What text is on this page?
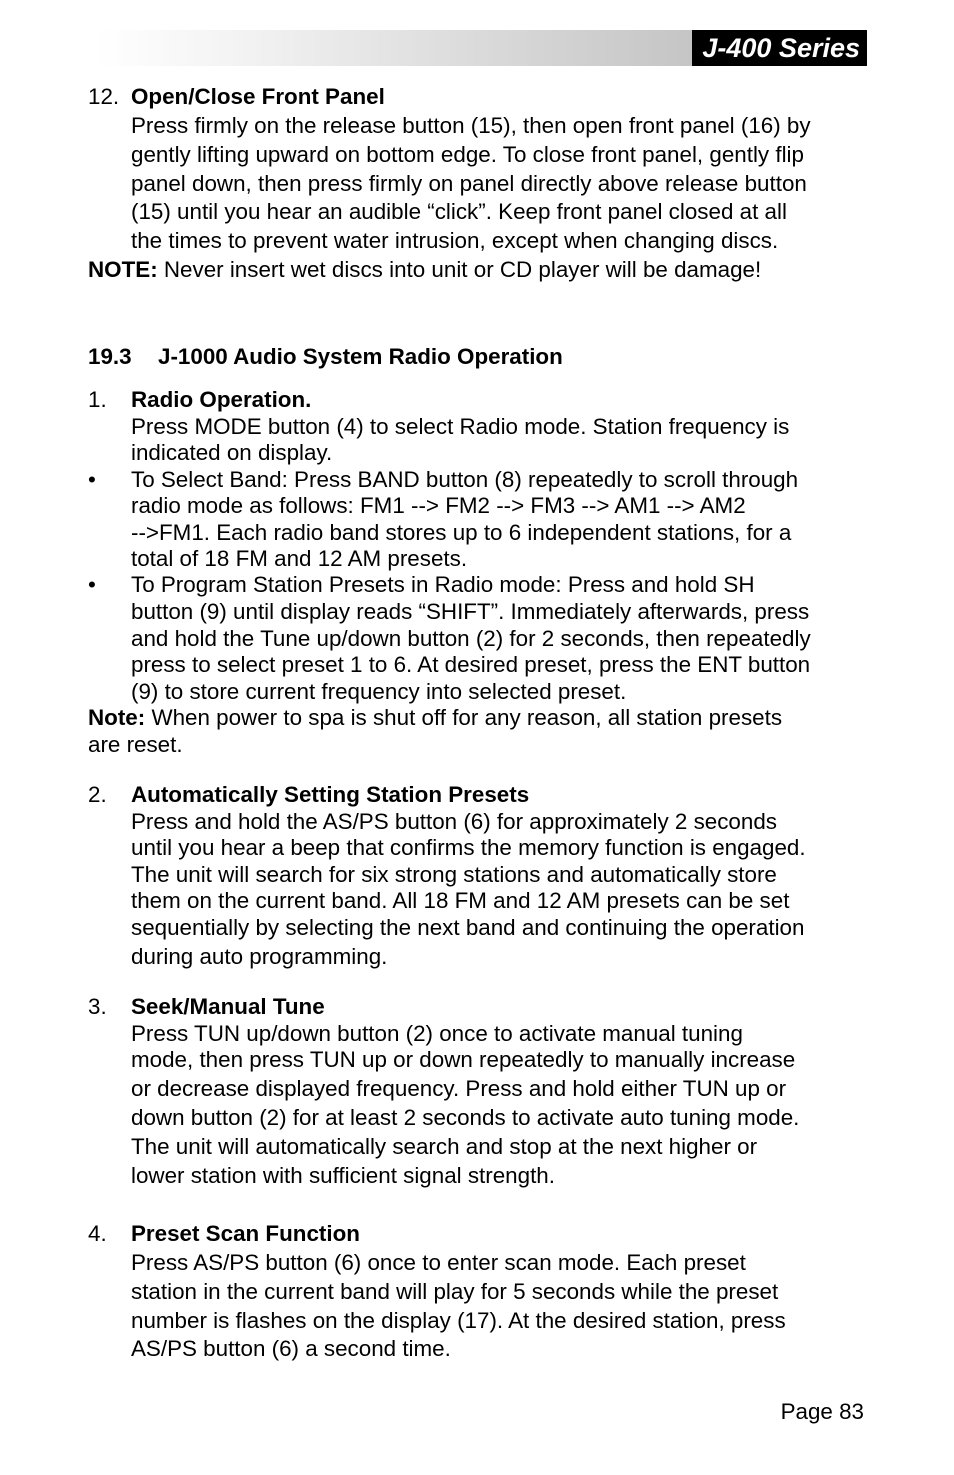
J-400 Series
12. Open/Close Front Panel
Press firmly on the release button (15), then open front panel (16) by
gently lifting upward on bottom edge. To close front panel, gently flip
panel down, then press firmly on panel directly above release button
(15) until you hear an audible “click”. Keep front panel closed at all
the times to prevent water intrusion, except when changing discs.
NOTE: Never insert wet discs into unit or CD player will be damage!
19.3 J-1000 Audio System Radio Operation
1. Radio Operation.
Press MODE button (4) to select Radio mode. Station frequency is
indicated on display.
• To Select Band: Press BAND button (8) repeatedly to scroll through
radio mode as follows: FM1 --> FM2 --> FM3 --> AM1 --> AM2
-->FM1. Each radio band stores up to 6 independent stations, for a
total of 18 FM and 12 AM presets.
• To Program Station Presets in Radio mode: Press and hold SH
button (9) until display reads “SHIFT”. Immediately afterwards, press
and hold the Tune up/down button (2) for 2 seconds, then repeatedly
press to select preset 1 to 6. At desired preset, press the ENT button
(9) to store current frequency into selected preset.
Note: When power to spa is shut off for any reason, all station presets
are reset.
2. Automatically Setting Station Presets
Press and hold the AS/PS button (6) for approximately 2 seconds
until you hear a beep that confirms the memory function is engaged.
The unit will search for six strong stations and automatically store
them on the current band. All 18 FM and 12 AM presets can be set
sequentially by selecting the next band and continuing the operation
during auto programming.
3. Seek/Manual Tune
Press TUN up/down button (2) once to activate manual tuning
mode, then press TUN up or down repeatedly to manually increase
or decrease displayed frequency. Press and hold either TUN up or
down button (2) for at least 2 seconds to activate auto tuning mode.
The unit will automatically search and stop at the next higher or
lower station with sufficient signal strength.
4. Preset Scan Function
Press AS/PS button (6) once to enter scan mode. Each preset
station in the current band will play for 5 seconds while the preset
number is flashes on the display (17). At the desired station, press
AS/PS button (6) a second time.
Page 83
